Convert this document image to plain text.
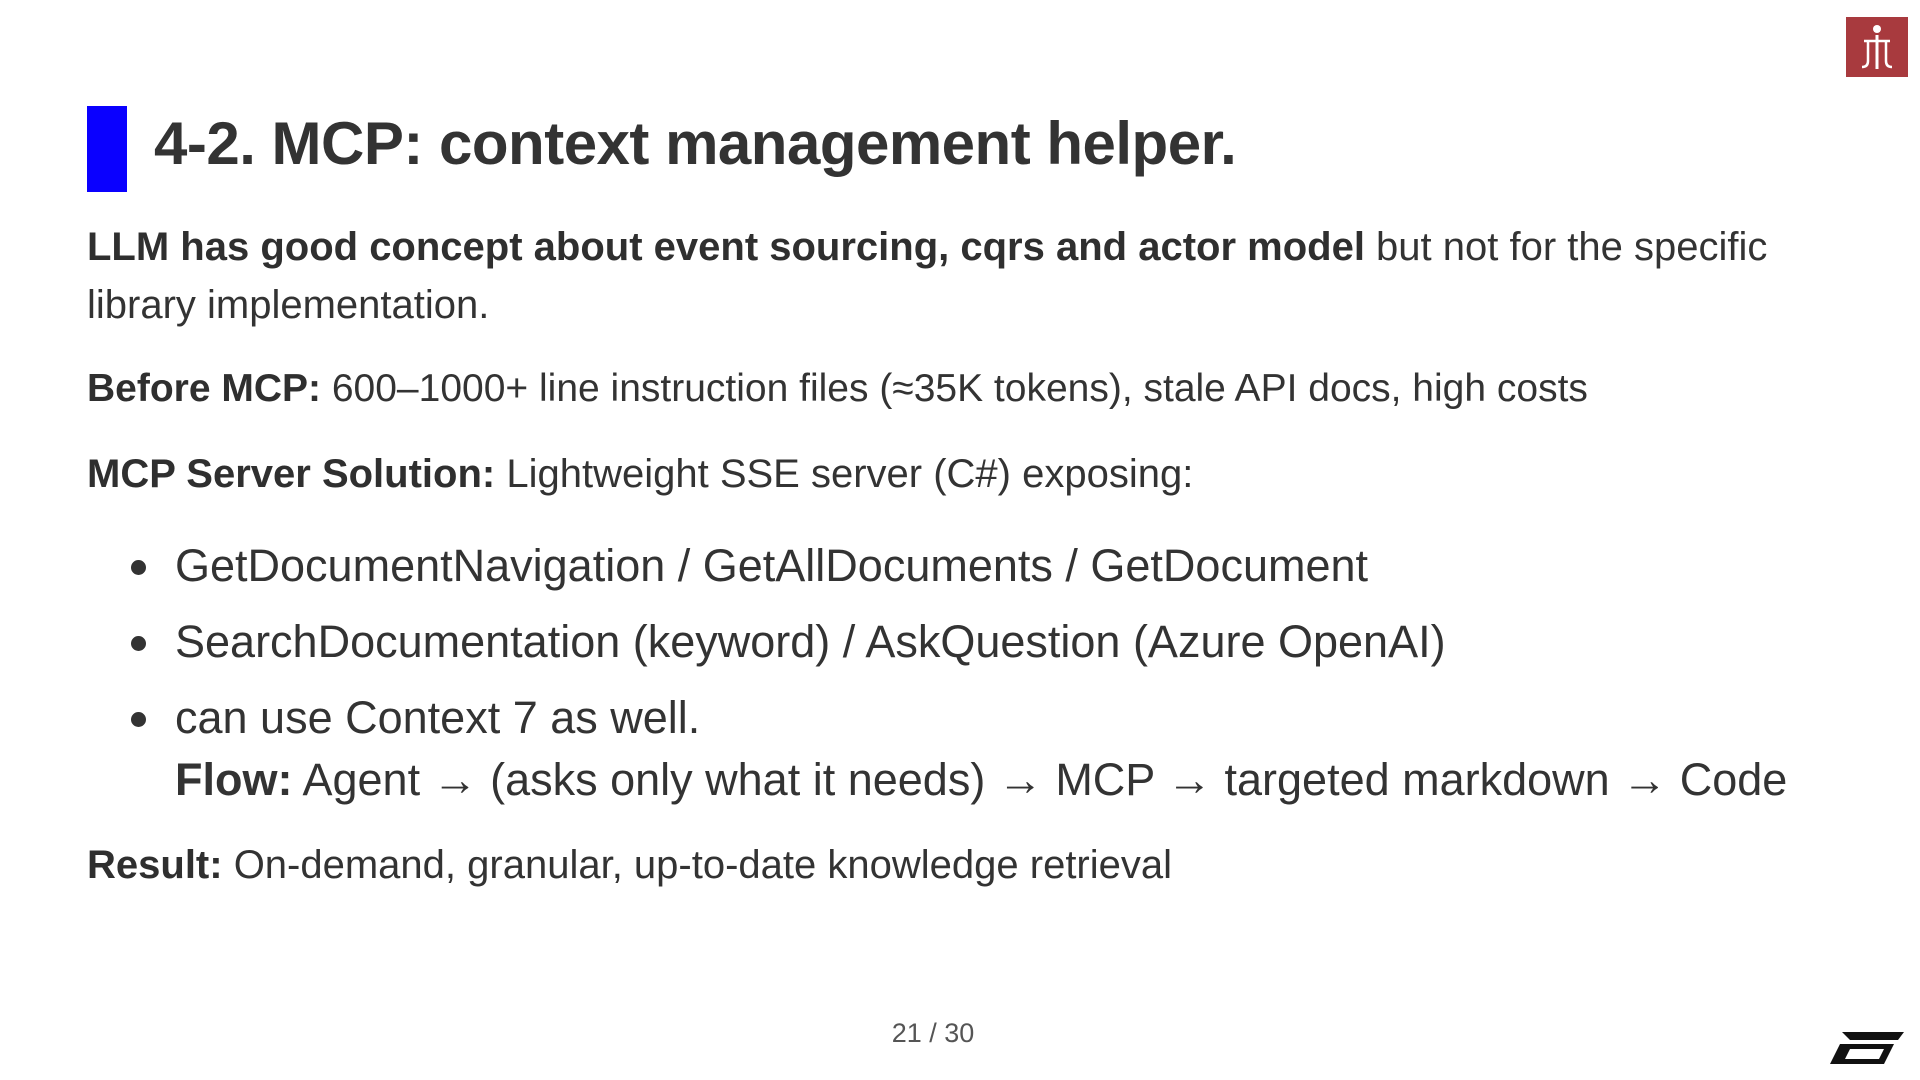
4-2. MCP: context management helper.

LLM has good concept about event sourcing, cqrs and actor model but not for the specific
library implementation.

Before MCP: 600–1000+ line instruction files (≈35K tokens), stale API docs, high costs

MCP Server Solution: Lightweight SSE server (C#) exposing:

GetDocumentNavigation / GetAllDocuments / GetDocument
SearchDocumentation (keyword) / AskQuestion (Azure OpenAI)
can use Context 7 as well.

Flow: Agent → (asks only what it needs) → MCP → targeted markdown → Code

Result: On-demand, granular, up-to-date knowledge retrieval

21 / 30
